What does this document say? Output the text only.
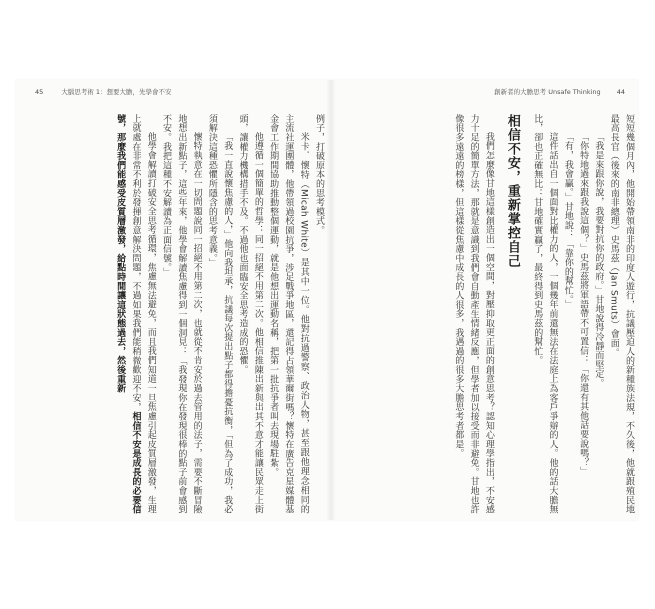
45	大腦思考術 1：想要大膽，先學會不安	創新者的大膽思考 Unsafe Thinking 44

短短幾個月內，他開始帶領南非的印度人遊行，抗議壓迫人的新種族法規，不久後，他就跟殖民地最高長官（後來的南非總理）史馬茲（Jan Smuts）會面。

「我是來跟你說，我要對抗你的政府。」甘地說得冷靜而堅定。

「你特地過來跟我說這個？」史馬茲將軍語帶不可置信：「你還有其他話要說嗎？」

「有，我會贏。」甘地說：「靠你的幫忙。」

這件話出自一個面對比權力的人，一個幾年前還無法在法庭上為客戶爭辯的人。他的話大膽無比，卻也正確無比：甘地確實贏了，最終得到史馬茲的幫忙。

相信不安，重新掌控自己

我們怎麼像甘地這樣創造出一個空間，對壓抑取更正面的創意思考？認知心理學指出，不安感力十足的簡單方法，那就是意識到我們會自動產生情緒反應，但學者加以接受而非避免。甘地也許像很多遠遠的榜樣，但這樣從焦慮中成長的人很多，我遇過的很多大膽思考者都是。

例子，打破原本的思考模式。

米卡．懷特（Micah White）是其中一位。他對抗過警察、政治人物，甚至跟他理念相同的主流社運團體，他帶領過校園抗爭，涉足戰爭地區，還記得占領華爾街嗎？懷特在廣告克星媒體基金會工作期間協助推動整個運動，就是他想出運動名稱，把第一批抗爭者叫去現場駐紮。

他遵循一個簡單的哲學：同一招絕不用第二次。他相信推陳出新與出其不意才能讓民眾走上街頭，讓權力機構措手不及。不過他也面臨安全思考造成的恐懼。

「我一直說懷焦慮的人，」他向我坦承，抗議每次提出點子都得擔憂抗衡，「但為了成功，我必須解決這種恐懼所隱含的思考意義。」

懷特執意在一切問題說同一招絕不用第二次，也就從不肯安於過去管用的法子，需要不斷冒險地想出新點子，這些年來，他學會解讀焦慮得到一個洞見：「我發現你在發現很棒的點子前會感到不安。我把這種不安解讀為正面信號。」

他學會解讀打破安全思考循環，焦慮無法避免，而且我們知道一旦焦慮引起皮質層激發，生理上就處在非常不利於發揮創意解決問題，不過如果我們能稍微歡迎不安，相信不安是成長的必要信號，那麼我們能感受皮質層激發，給點時間讓這狀態過去，然後重新
